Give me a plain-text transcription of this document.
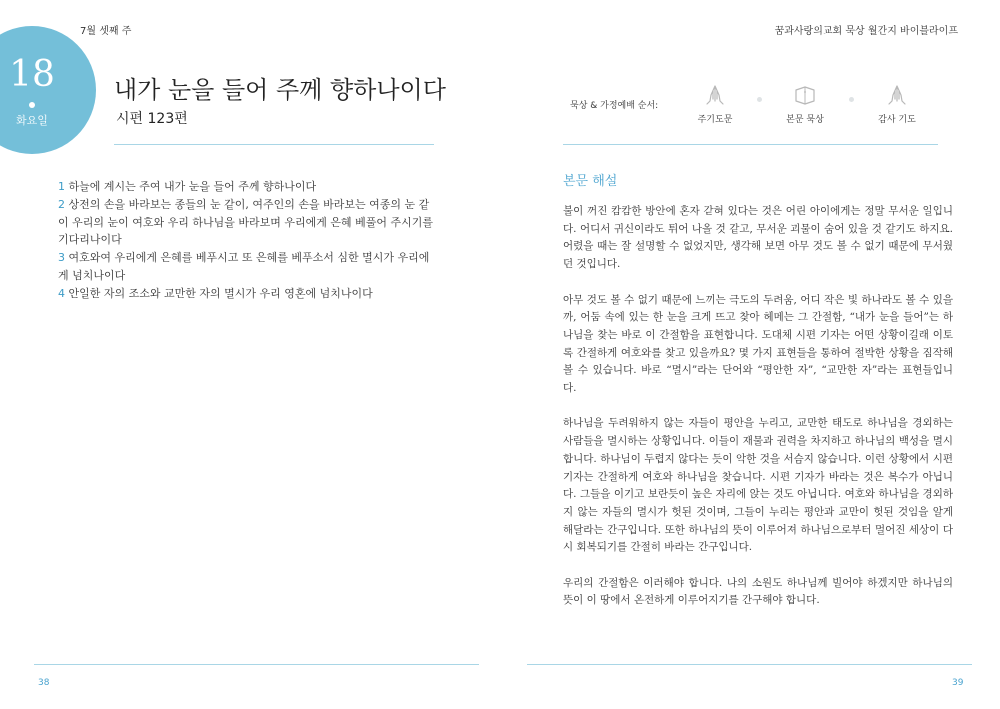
7월 셋째 주	꿈과사랑의교회 묵상 월간지 바이블라이프
18
화요일
내가 눈을 들어 주께 향하나이다
시편 123편
1 하늘에 계시는 주여 내가 눈을 들어 주께 향하나이다
2 상전의 손을 바라보는 종들의 눈 같이, 여주인의 손을 바라보는 여종의 눈 같이 우리의 눈이 여호와 우리 하나님을 바라보며 우리에게 은혜 베풀어 주시기를 기다리나이다
3 여호와여 우리에게 은혜를 베푸시고 또 은혜를 베푸소서 심한 멸시가 우리에게 넘치나이다
4 안일한 자의 조소와 교만한 자의 멸시가 우리 영혼에 넘치나이다
묵상 & 가정예배 순서:
주기도문	본문 묵상	감사 기도
본문 해설

불이 꺼진 캄캄한 방안에 혼자 갇혀 있다는 것은 어린 아이에게는 정말 무서운 일입니다. 어디서 귀신이라도 튀어 나올 것 같고, 무서운 괴물이 숨어 있을 것 같기도 하지요. 어렸을 때는 잘 설명할 수 없었지만, 생각해 보면 아무 것도 볼 수 없기 때문에 무서웠던 것입니다.

아무 것도 볼 수 없기 때문에 느끼는 극도의 두려움, 어디 작은 빛 하나라도 볼 수 있을까, 어둠 속에 있는 한 눈을 크게 뜨고 찾아 헤메는 그 간절함, “내가 눈을 들어”는 하나님을 찾는 바로 이 간절함을 표현합니다. 도대체 시편 기자는 어떤 상황이길래 이토록 간절하게 여호와를 찾고 있을까요? 몇 가지 표현들을 통하여 절박한 상황을 짐작해 볼 수 있습니다. 바로 “멸시”라는 단어와 “평안한 자”, “교만한 자”라는 표현들입니다.

하나님을 두려워하지 않는 자들이 평안을 누리고, 교만한 태도로 하나님을 경외하는 사람들을 멸시하는 상황입니다. 이들이 재물과 권력을 차지하고 하나님의 백성을 멸시합니다. 하나님이 두렵지 않다는 듯이 악한 것을 서슴지 않습니다. 이런 상황에서 시편기자는 간절하게 여호와 하나님을 찾습니다. 시편 기자가 바라는 것은 복수가 아닙니다. 그들을 이기고 보란듯이 높은 자리에 앉는 것도 아닙니다. 여호와 하나님을 경외하지 않는 자들의 멸시가 헛된 것이며, 그들이 누리는 평안과 교만이 헛된 것임을 알게 해달라는 간구입니다. 또한 하나님의 뜻이 이루어져 하나님으로부터 멀어진 세상이 다시 회복되기를 간절히 바라는 간구입니다.

우리의 간절함은 이러해야 합니다. 나의 소원도 하나님께 빌어야 하겠지만 하나님의 뜻이 이 땅에서 온전하게 이루어지기를 간구해야 합니다.

38	39
